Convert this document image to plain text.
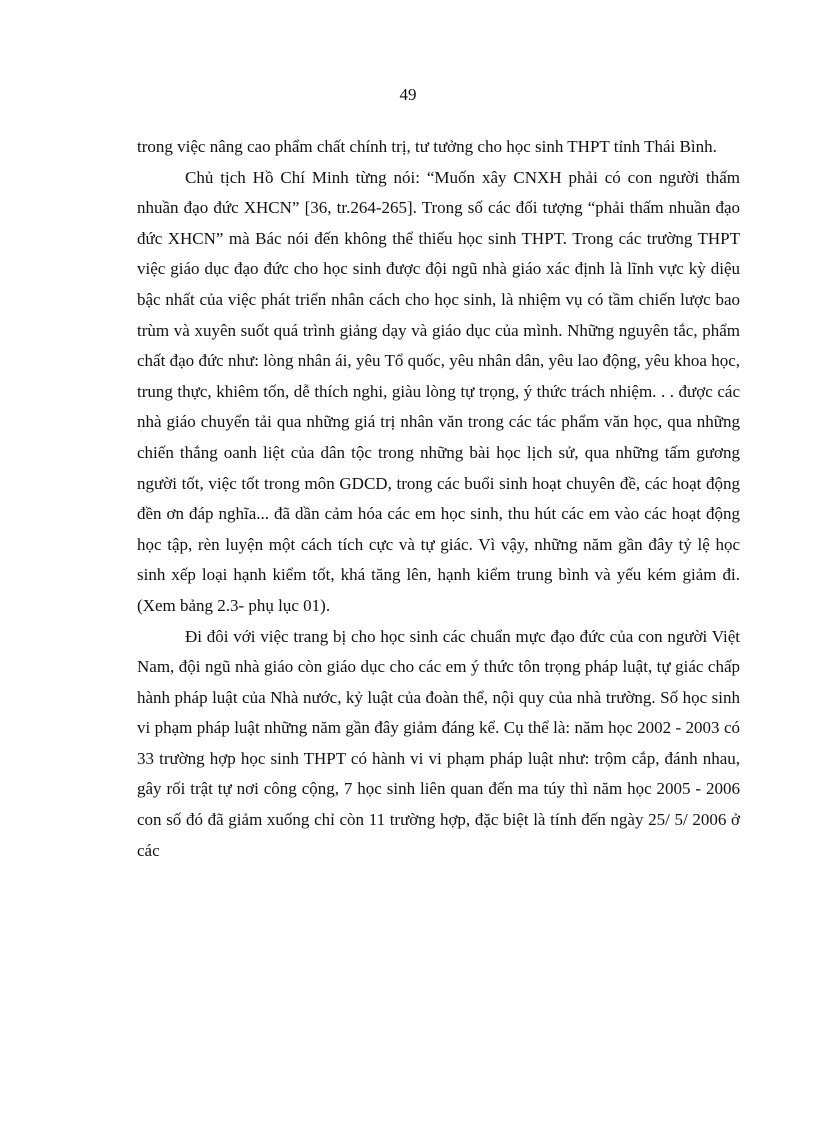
49

trong việc nâng cao phẩm chất chính trị, tư tưởng cho học sinh THPT tỉnh Thái Bình.

Chủ tịch Hồ Chí Minh từng nói: “Muốn xây CNXH phải có con người thấm nhuần đạo đức XHCN” [36, tr.264-265]. Trong số các đối tượng “phải thấm nhuần đạo đức XHCN” mà Bác nói đến không thể thiếu học sinh THPT. Trong các trường THPT việc giáo dục đạo đức cho học sinh được đội ngũ nhà giáo xác định là lĩnh vực kỳ diệu bậc nhất của việc phát triển nhân cách cho học sinh, là nhiệm vụ có tầm chiến lược bao trùm và xuyên suốt quá trình giảng dạy và giáo dục của mình. Những nguyên tắc, phẩm chất đạo đức như: lòng nhân ái, yêu Tổ quốc, yêu nhân dân, yêu lao động, yêu khoa học, trung thực, khiêm tốn, dễ thích nghi, giàu lòng tự trọng, ý thức trách nhiệm. . . được các nhà giáo chuyển tải qua những giá trị nhân văn trong các tác phẩm văn học, qua những chiến thắng oanh liệt của dân tộc trong những bài học lịch sử, qua những tấm gương người tốt, việc tốt trong môn GDCD, trong các buổi sinh hoạt chuyên đề, các hoạt động đền ơn đáp nghĩa... đã dần cảm hóa các em học sinh, thu hút các em vào các hoạt động học tập, rèn luyện một cách tích cực và tự giác. Vì vậy, những năm gần đây tỷ lệ học sinh xếp loại hạnh kiểm tốt, khá tăng lên, hạnh kiểm trung bình và yếu kém giảm đi. (Xem bảng 2.3- phụ lục 01).

Đi đôi với việc trang bị cho học sinh các chuẩn mực đạo đức của con người Việt Nam, đội ngũ nhà giáo còn giáo dục cho các em ý thức tôn trọng pháp luật, tự giác chấp hành pháp luật của Nhà nước, kỷ luật của đoàn thể, nội quy của nhà trường. Số học sinh vi phạm pháp luật những năm gần đây giảm đáng kể. Cụ thể là: năm học 2002 - 2003 có 33 trường hợp học sinh THPT có hành vi vi phạm pháp luật như: trộm cắp, đánh nhau, gây rối trật tự nơi công cộng, 7 học sinh liên quan đến ma túy thì năm học 2005 - 2006 con số đó đã giảm xuống chỉ còn 11 trường hợp, đặc biệt là tính đến ngày 25/ 5/ 2006 ở các
